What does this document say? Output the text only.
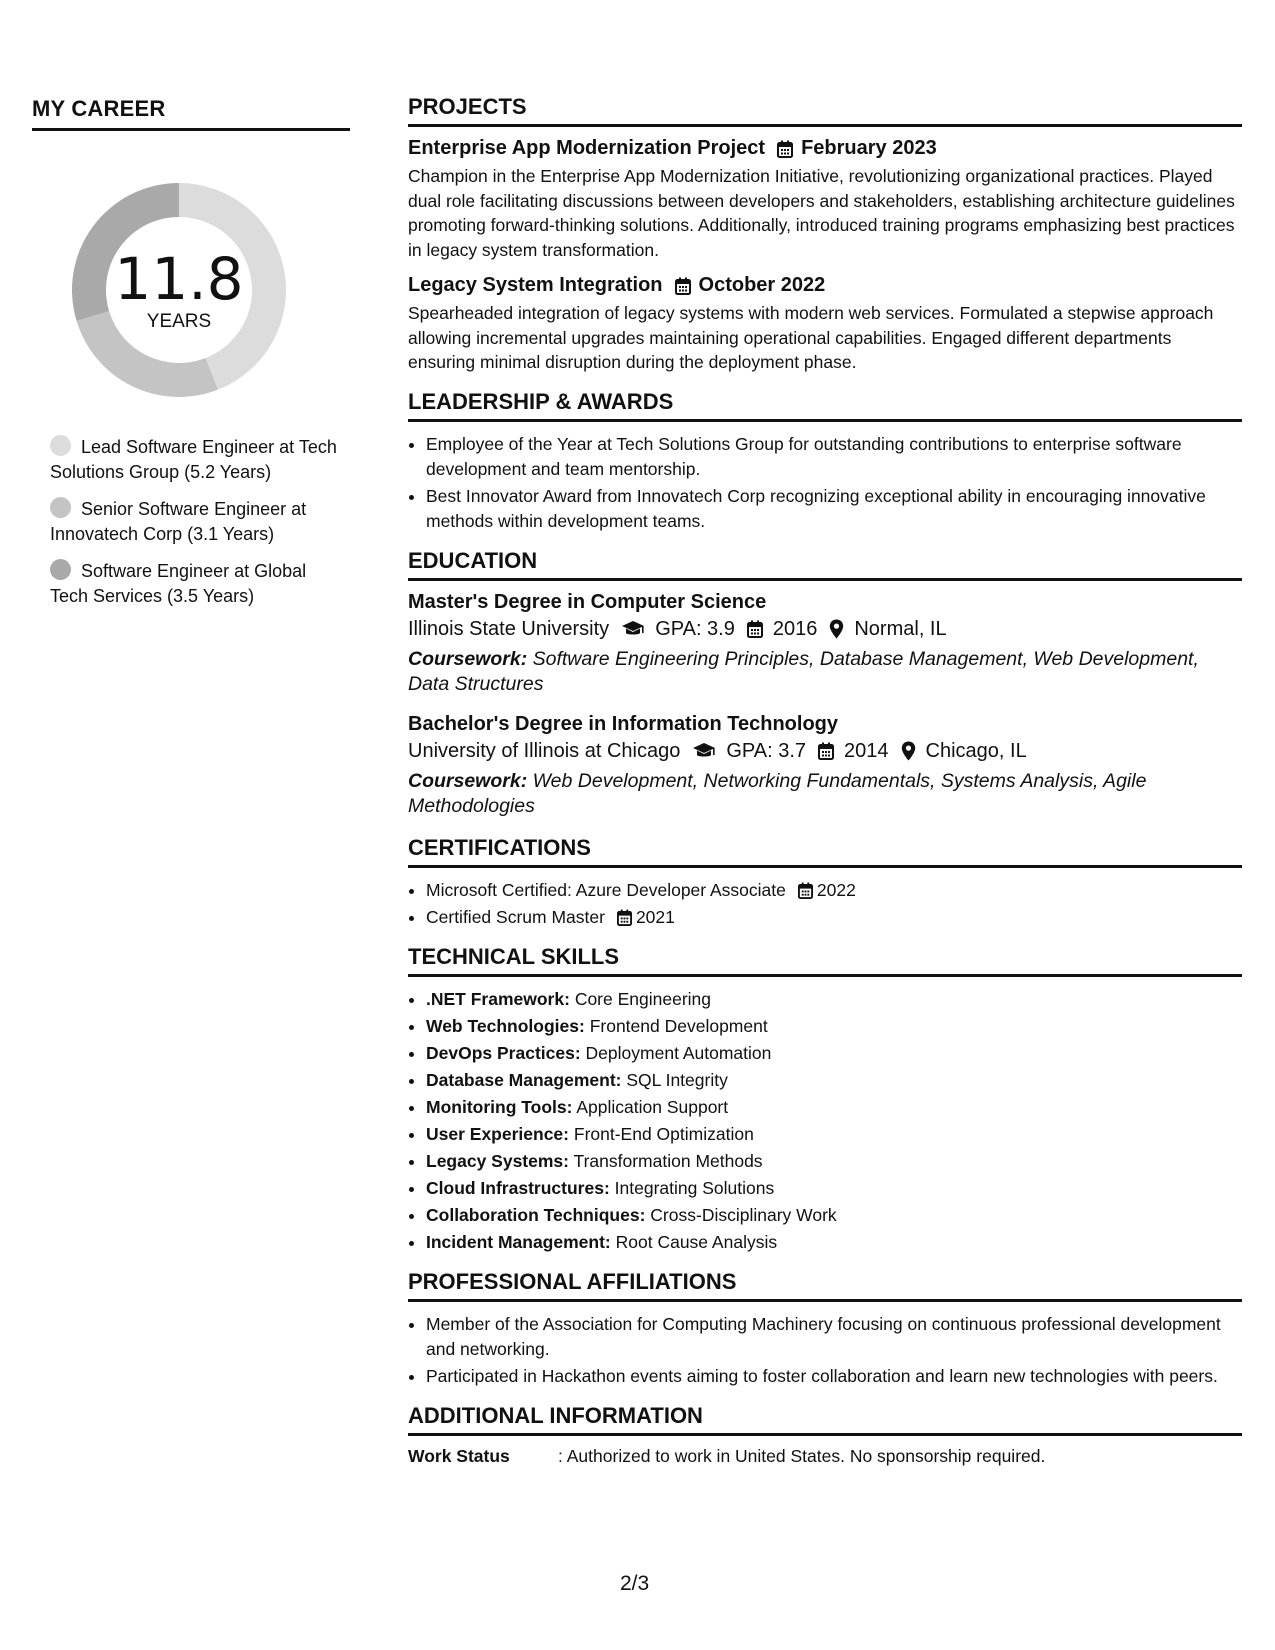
MY CAREER
11.8
YEARS
Lead Software Engineer at Tech Solutions Group (5.2 Years)
Senior Software Engineer at Innovatech Corp (3.1 Years)
Software Engineer at Global Tech Services (3.5 Years)
PROJECTS
Enterprise App Modernization Project February 2023

Champion in the Enterprise App Modernization Initiative, revolutionizing organizational practices. Played dual role facilitating discussions between developers and stakeholders, establishing architecture guidelines promoting forward-thinking solutions. Additionally, introduced training programs emphasizing best practices in legacy system transformation.

Legacy System Integration October 2022

Spearheaded integration of legacy systems with modern web services. Formulated a stepwise approach allowing incremental upgrades maintaining operational capabilities. Engaged different departments ensuring minimal disruption during the deployment phase.

LEADERSHIP & AWARDS
• Employee of the Year at Tech Solutions Group for outstanding contributions to enterprise software development and team mentorship.
• Best Innovator Award from Innovatech Corp recognizing exceptional ability in encouraging innovative methods within development teams.
EDUCATION
Master's Degree in Computer Science
Illinois State University GPA: 3.9 2016 Normal, IL

Coursework: Software Engineering Principles, Database Management, Web Development, Data Structures

Bachelor's Degree in Information Technology
University of Illinois at Chicago GPA: 3.7 2014 Chicago, IL

Coursework: Web Development, Networking Fundamentals, Systems Analysis, Agile Methodologies

CERTIFICATIONS
• Microsoft Certified: Azure Developer Associate 2022
• Certified Scrum Master 2021
TECHNICAL SKILLS
• .NET Framework: Core Engineering
• Web Technologies: Frontend Development
• DevOps Practices: Deployment Automation
• Database Management: SQL Integrity
• Monitoring Tools: Application Support
• User Experience: Front-End Optimization
• Legacy Systems: Transformation Methods
• Cloud Infrastructures: Integrating Solutions
• Collaboration Techniques: Cross-Disciplinary Work
• Incident Management: Root Cause Analysis
PROFESSIONAL AFFILIATIONS
• Member of the Association for Computing Machinery focusing on continuous professional development and networking.
• Participated in Hackathon events aiming to foster collaboration and learn new technologies with peers.
ADDITIONAL INFORMATION
Work Status	: Authorized to work in United States. No sponsorship required.
2/3
